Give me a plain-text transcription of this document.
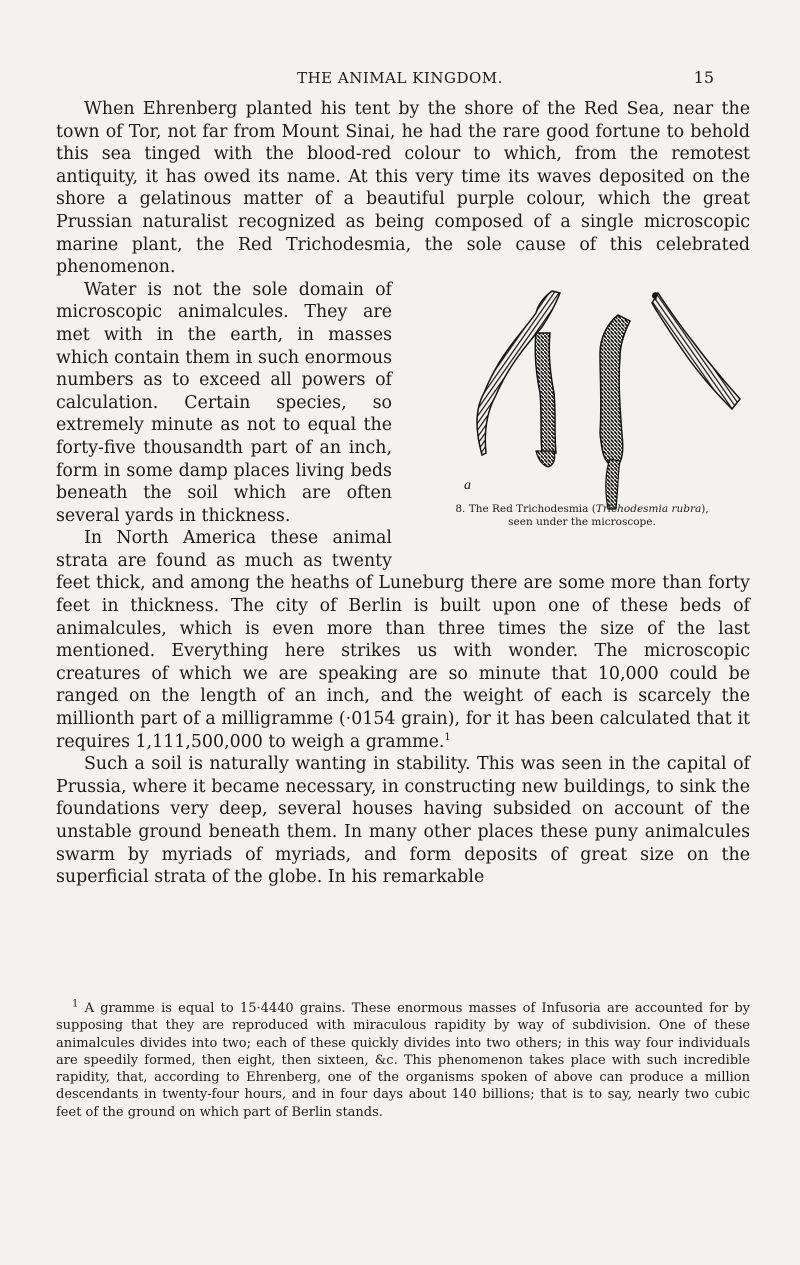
THE ANIMAL KINGDOM.	15

When Ehrenberg planted his tent by the shore of the Red Sea, near the town of Tor, not far from Mount Sinai, he had the rare good fortune to behold this sea tinged with the blood-red colour to which, from the remotest antiquity, it has owed its name. At this very time its waves deposited on the shore a gelatinous matter of a beautiful purple colour, which the great Prussian naturalist recognized as being composed of a single microscopic marine plant, the Red Trichodesmia, the sole cause of this celebrated phenomenon.

a
8. The Red Trichodesmia (Trichodesmia rubra),
seen under the microscope.

Water is not the sole domain of microscopic animalcules. They are met with in the earth, in masses which contain them in such enormous numbers as to exceed all powers of calculation. Certain species, so extremely minute as not to equal the forty-five thousandth part of an inch, form in some damp places living beds beneath the soil which are often several yards in thickness.

In North America these animal strata are found as much as twenty feet thick, and among the heaths of Luneburg there are some more than forty feet in thickness. The city of Berlin is built upon one of these beds of animalcules, which is even more than three times the size of the last mentioned. Everything here strikes us with wonder. The microscopic creatures of which we are speaking are so minute that 10,000 could be ranged on the length of an inch, and the weight of each is scarcely the millionth part of a milligramme (·0154 grain), for it has been calculated that it requires 1,111,500,000 to weigh a gramme.$^1$

Such a soil is naturally wanting in stability. This was seen in the capital of Prussia, where it became necessary, in constructing new buildings, to sink the foundations very deep, several houses having subsided on account of the unstable ground beneath them. In many other places these puny animalcules swarm by myriads of myriads, and form deposits of great size on the superficial strata of the globe. In his remarkable

$^1$ A gramme is equal to 15·4440 grains. These enormous masses of Infusoria are accounted for by supposing that they are reproduced with miraculous rapidity by way of subdivision. One of these animalcules divides into two; each of these quickly divides into two others; in this way four individuals are speedily formed, then eight, then sixteen, &c. This phenomenon takes place with such incredible rapidity, that, according to Ehrenberg, one of the organisms spoken of above can produce a million descendants in twenty-four hours, and in four days about 140 billions; that is to say, nearly two cubic feet of the ground on which part of Berlin stands.
